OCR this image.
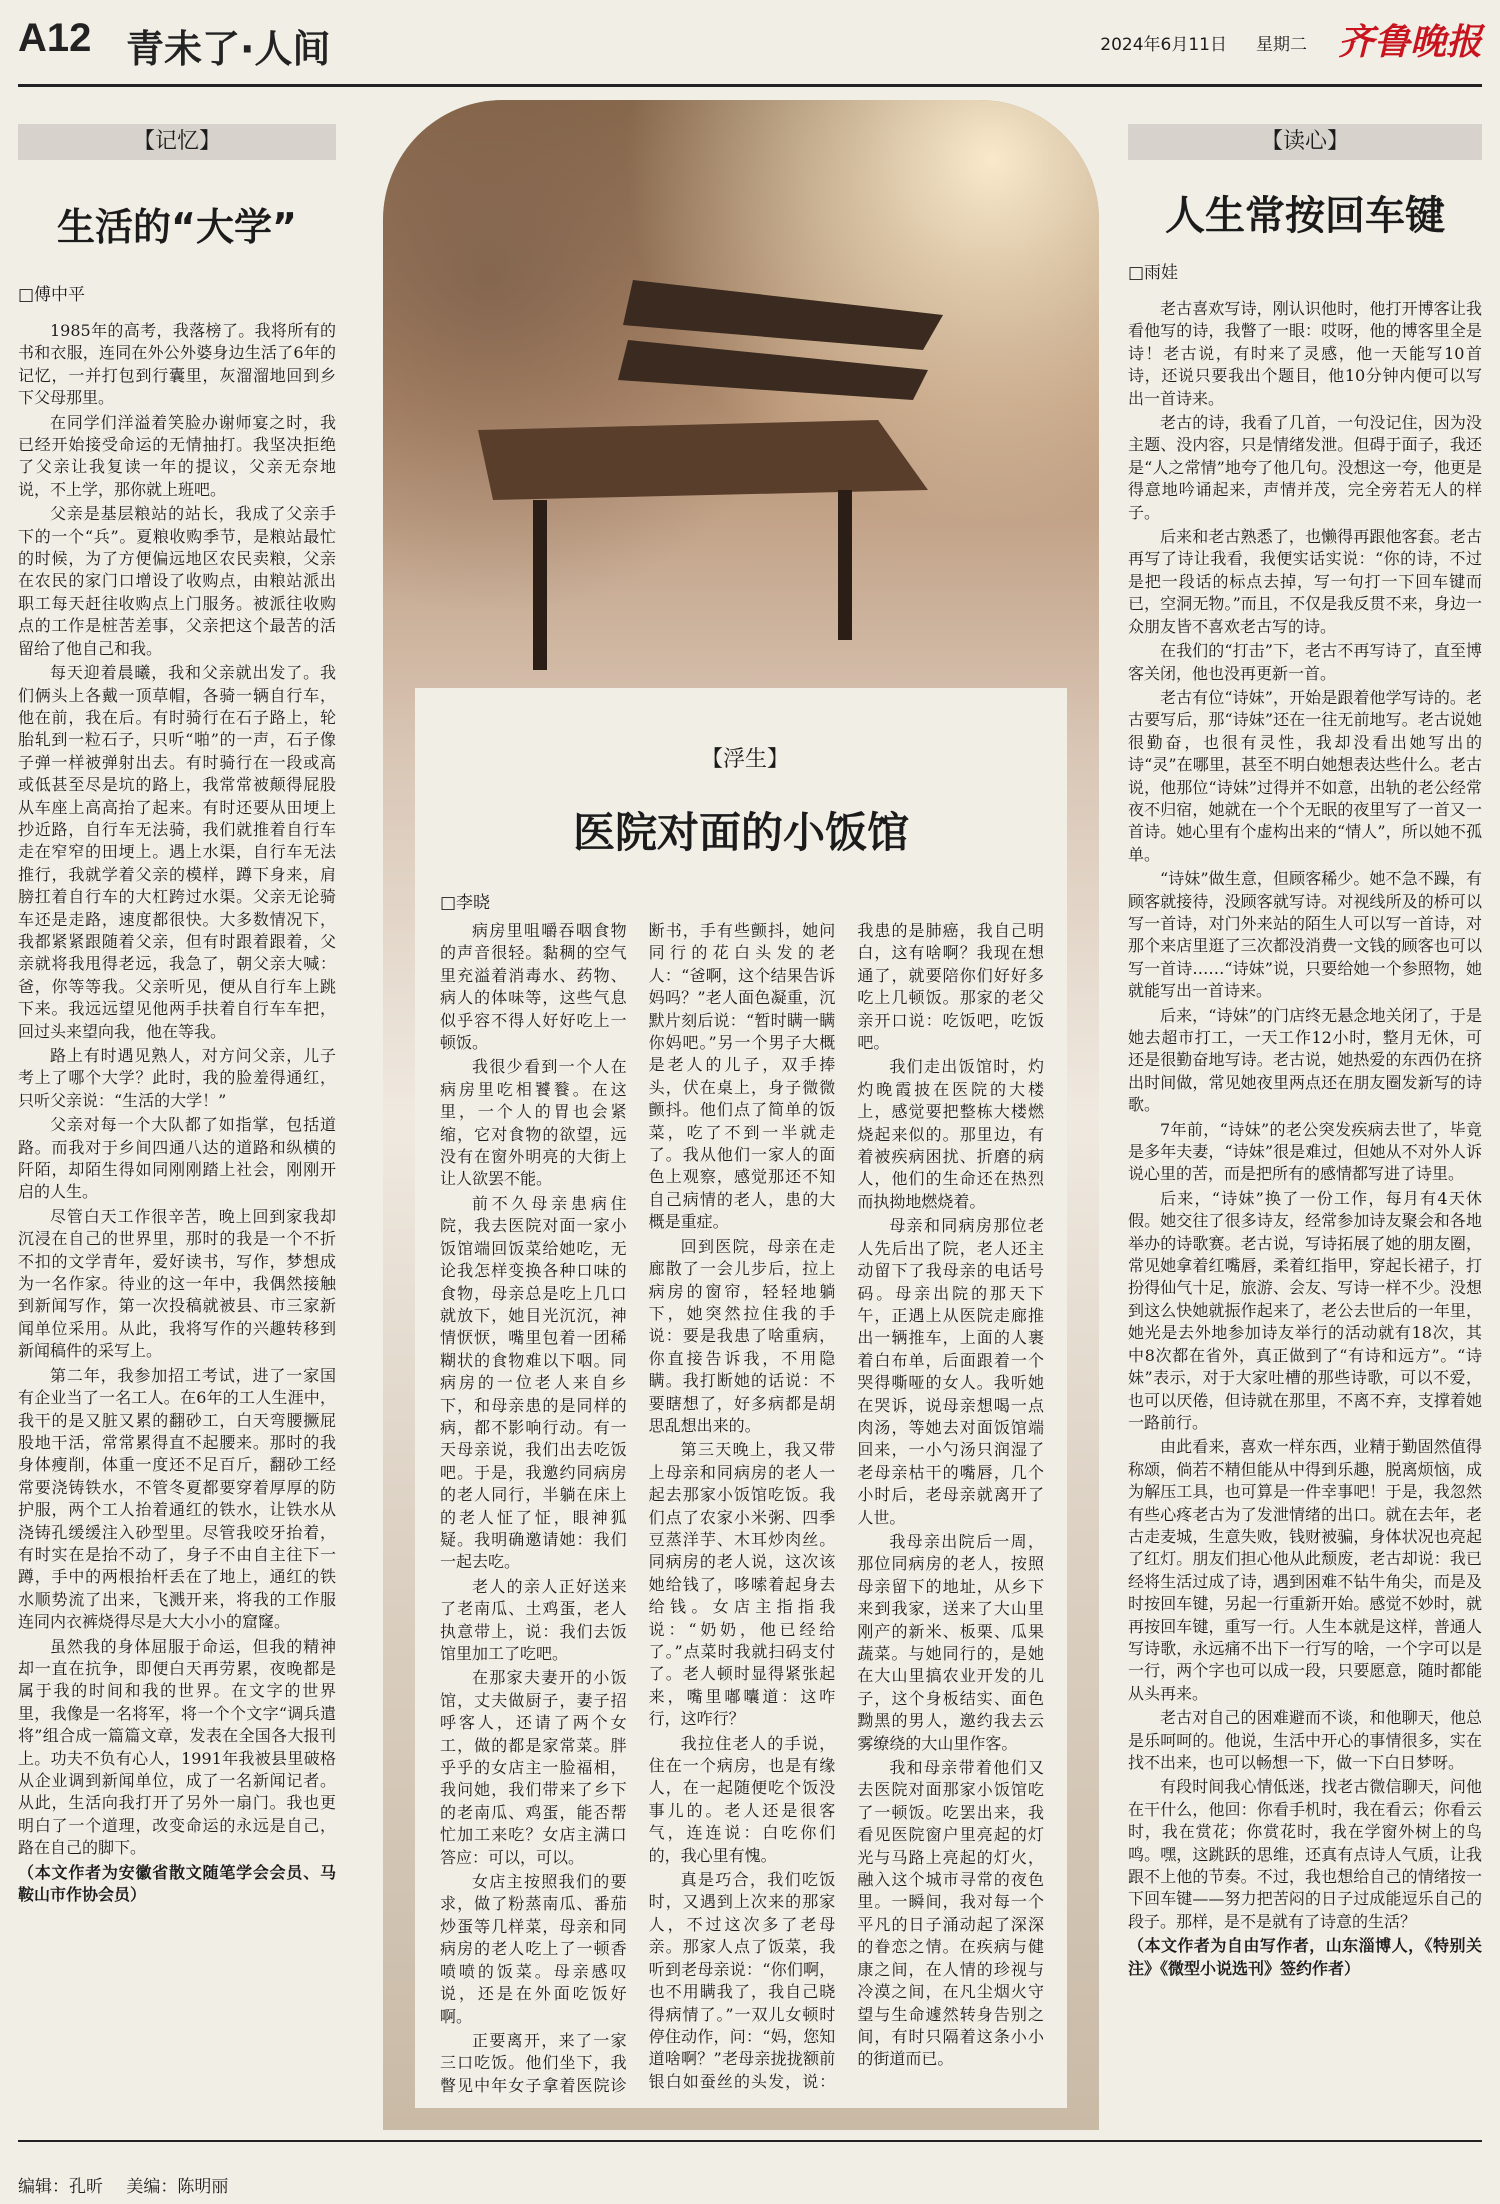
A12 青未了·人间	2024年6月11日 星期二 齐鲁晚报
【记忆】
生活的“大学”
□傅中平

1985年的高考，我落榜了。我将所有的书和衣服，连同在外公外婆身边生活了6年的记忆，一并打包到行囊里，灰溜溜地回到乡下父母那里。

在同学们洋溢着笑脸办谢师宴之时，我已经开始接受命运的无情抽打。我坚决拒绝了父亲让我复读一年的提议，父亲无奈地说，不上学，那你就上班吧。

父亲是基层粮站的站长，我成了父亲手下的一个“兵”。夏粮收购季节，是粮站最忙的时候，为了方便偏远地区农民卖粮，父亲在农民的家门口增设了收购点，由粮站派出职工每天赶往收购点上门服务。被派往收购点的工作是桩苦差事，父亲把这个最苦的活留给了他自己和我。

每天迎着晨曦，我和父亲就出发了。我们俩头上各戴一顶草帽，各骑一辆自行车，他在前，我在后。有时骑行在石子路上，轮胎轧到一粒石子，只听“啪”的一声，石子像子弹一样被弹射出去。有时骑行在一段或高或低甚至尽是坑的路上，我常常被颠得屁股从车座上高高抬了起来。有时还要从田埂上抄近路，自行车无法骑，我们就推着自行车走在窄窄的田埂上。遇上水渠，自行车无法推行，我就学着父亲的模样，蹲下身来，肩膀扛着自行车的大杠跨过水渠。父亲无论骑车还是走路，速度都很快。大多数情况下，我都紧紧跟随着父亲，但有时跟着跟着，父亲就将我甩得老远，我急了，朝父亲大喊：爸，你等等我。父亲听见，便从自行车上跳下来。我远远望见他两手扶着自行车车把，回过头来望向我，他在等我。

路上有时遇见熟人，对方问父亲，儿子考上了哪个大学？此时，我的脸羞得通红，只听父亲说：“生活的大学！”

父亲对每一个大队都了如指掌，包括道路。而我对于乡间四通八达的道路和纵横的阡陌，却陌生得如同刚刚踏上社会，刚刚开启的人生。

尽管白天工作很辛苦，晚上回到家我却沉浸在自己的世界里，那时的我是一个不折不扣的文学青年，爱好读书，写作，梦想成为一名作家。待业的这一年中，我偶然接触到新闻写作，第一次投稿就被县、市三家新闻单位采用。从此，我将写作的兴趣转移到新闻稿件的采写上。

第二年，我参加招工考试，进了一家国有企业当了一名工人。在6年的工人生涯中，我干的是又脏又累的翻砂工，白天弯腰撅屁股地干活，常常累得直不起腰来。那时的我身体瘦削，体重一度还不足百斤，翻砂工经常要浇铸铁水，不管冬夏都要穿着厚厚的防护服，两个工人抬着通红的铁水，让铁水从浇铸孔缓缓注入砂型里。尽管我咬牙抬着，有时实在是抬不动了，身子不由自主往下一蹲，手中的两根抬杆丢在了地上，通红的铁水顺势流了出来，飞溅开来，将我的工作服连同内衣裤烧得尽是大大小小的窟窿。

虽然我的身体屈服于命运，但我的精神却一直在抗争，即便白天再劳累，夜晚都是属于我的时间和我的世界。在文字的世界里，我像是一名将军，将一个个文字“调兵遣将”组合成一篇篇文章，发表在全国各大报刊上。功夫不负有心人，1991年我被县里破格从企业调到新闻单位，成了一名新闻记者。从此，生活向我打开了另外一扇门。我也更明白了一个道理，改变命运的永远是自己，路在自己的脚下。

（本文作者为安徽省散文随笔学会会员、马鞍山市作协会员）

【浮生】
医院对面的小饭馆
□李晓

病房里咀嚼吞咽食物的声音很轻。黏稠的空气里充溢着消毒水、药物、病人的体味等，这些气息似乎容不得人好好吃上一顿饭。

我很少看到一个人在病房里吃相饕餮。在这里，一个人的胃也会紧缩，它对食物的欲望，远没有在窗外明亮的大街上让人欲罢不能。

前不久母亲患病住院，我去医院对面一家小饭馆端回饭菜给她吃，无论我怎样变换各种口味的食物，母亲总是吃上几口就放下，她目光沉沉，神情恹恹，嘴里包着一团稀糊状的食物难以下咽。同病房的一位老人来自乡下，和母亲患的是同样的病，都不影响行动。有一天母亲说，我们出去吃饭吧。于是，我邀约同病房的老人同行，半躺在床上的老人怔了怔，眼神狐疑。我明确邀请她：我们一起去吃。

老人的亲人正好送来了老南瓜、土鸡蛋，老人执意带上，说：我们去饭馆里加工了吃吧。

在那家夫妻开的小饭馆，丈夫做厨子，妻子招呼客人，还请了两个女工，做的都是家常菜。胖乎乎的女店主一脸福相，我问她，我们带来了乡下的老南瓜、鸡蛋，能否帮忙加工来吃？女店主满口答应：可以，可以。

女店主按照我们的要求，做了粉蒸南瓜、番茄炒蛋等几样菜，母亲和同病房的老人吃上了一顿香喷喷的饭菜。母亲感叹说，还是在外面吃饭好啊。

正要离开，来了一家三口吃饭。他们坐下，我瞥见中年女子拿着医院诊断书，手有些颤抖，她问同行的花白头发的老人：“爸啊，这个结果告诉妈吗？”老人面色凝重，沉默片刻后说：“暂时瞒一瞒你妈吧。”另一个男子大概是老人的儿子，双手捧头，伏在桌上，身子微微颤抖。他们点了简单的饭菜，吃了不到一半就走了。我从他们一家人的面色上观察，感觉那还不知自己病情的老人，患的大概是重症。

回到医院，母亲在走廊散了一会儿步后，拉上病房的窗帘，轻轻地躺下，她突然拉住我的手说：要是我患了啥重病，你直接告诉我，不用隐瞒。我打断她的话说：不要瞎想了，好多病都是胡思乱想出来的。

第三天晚上，我又带上母亲和同病房的老人一起去那家小饭馆吃饭。我们点了农家小米粥、四季豆蒸洋芋、木耳炒肉丝。同病房的老人说，这次该她给钱了，哆嗦着起身去给钱。女店主指指我说：“奶奶，他已经给了。”点菜时我就扫码支付了。老人顿时显得紧张起来，嘴里嘟囔道：这咋行，这咋行？

我拉住老人的手说，住在一个病房，也是有缘人，在一起随便吃个饭没事儿的。老人还是很客气，连连说：白吃你们的，我心里有愧。

真是巧合，我们吃饭时，又遇到上次来的那家人，不过这次多了老母亲。那家人点了饭菜，我听到老母亲说：“你们啊，也不用瞒我了，我自己晓得病情了。”一双儿女顿时停住动作，问：“妈，您知道啥啊？”老母亲拢拢额前银白如蚕丝的头发，说：我患的是肺癌，我自己明白，这有啥啊？我现在想通了，就要陪你们好好多吃上几顿饭。那家的老父亲开口说：吃饭吧，吃饭吧。

我们走出饭馆时，灼灼晚霞披在医院的大楼上，感觉要把整栋大楼燃烧起来似的。那里边，有着被疾病困扰、折磨的病人，他们的生命还在热烈而执拗地燃烧着。

母亲和同病房那位老人先后出了院，老人还主动留下了我母亲的电话号码。母亲出院的那天下午，正遇上从医院走廊推出一辆推车，上面的人裹着白布单，后面跟着一个哭得嘶哑的女人。我听她在哭诉，说母亲想喝一点肉汤，等她去对面饭馆端回来，一小勺汤只润湿了老母亲枯干的嘴唇，几个小时后，老母亲就离开了人世。

我母亲出院后一周，那位同病房的老人，按照母亲留下的地址，从乡下来到我家，送来了大山里刚产的新米、板栗、瓜果蔬菜。与她同行的，是她在大山里搞农业开发的儿子，这个身板结实、面色黝黑的男人，邀约我去云雾缭绕的大山里作客。

我和母亲带着他们又去医院对面那家小饭馆吃了一顿饭。吃罢出来，我看见医院窗户里亮起的灯光与马路上亮起的灯火，融入这个城市寻常的夜色里。一瞬间，我对每一个平凡的日子涌动起了深深的眷恋之情。在疾病与健康之间，在人情的珍视与冷漠之间，在凡尘烟火守望与生命遽然转身告别之间，有时只隔着这条小小的街道而已。

【读心】
人生常按回车键
□雨娃

老古喜欢写诗，刚认识他时，他打开博客让我看他写的诗，我瞥了一眼：哎呀，他的博客里全是诗！老古说，有时来了灵感，他一天能写10首诗，还说只要我出个题目，他10分钟内便可以写出一首诗来。

老古的诗，我看了几首，一句没记住，因为没主题、没内容，只是情绪发泄。但碍于面子，我还是“人之常情”地夸了他几句。没想这一夸，他更是得意地吟诵起来，声情并茂，完全旁若无人的样子。

后来和老古熟悉了，也懒得再跟他客套。老古再写了诗让我看，我便实话实说：“你的诗，不过是把一段话的标点去掉，写一句打一下回车键而已，空洞无物。”而且，不仅是我反贯不来，身边一众朋友皆不喜欢老古写的诗。

在我们的“打击”下，老古不再写诗了，直至博客关闭，他也没再更新一首。

老古有位“诗妹”，开始是跟着他学写诗的。老古要写后，那“诗妹”还在一往无前地写。老古说她很勤奋，也很有灵性，我却没看出她写出的诗“灵”在哪里，甚至不明白她想表达些什么。老古说，他那位“诗妹”过得并不如意，出轨的老公经常夜不归宿，她就在一个个无眠的夜里写了一首又一首诗。她心里有个虚构出来的“情人”，所以她不孤单。

“诗妹”做生意，但顾客稀少。她不急不躁，有顾客就接待，没顾客就写诗。对视线所及的桥可以写一首诗，对门外来站的陌生人可以写一首诗，对那个来店里逛了三次都没消费一文钱的顾客也可以写一首诗……“诗妹”说，只要给她一个参照物，她就能写出一首诗来。

后来，“诗妹”的门店终无悬念地关闭了，于是她去超市打工，一天工作12小时，整月无休，可还是很勤奋地写诗。老古说，她热爱的东西仍在挤出时间做，常见她夜里两点还在朋友圈发新写的诗歌。

7年前，“诗妹”的老公突发疾病去世了，毕竟是多年夫妻，“诗妹”很是难过，但她从不对外人诉说心里的苦，而是把所有的感情都写进了诗里。

后来，“诗妹”换了一份工作，每月有4天休假。她交往了很多诗友，经常参加诗友聚会和各地举办的诗歌赛。老古说，写诗拓展了她的朋友圈，常见她拿着红嘴唇，柔着红指甲，穿起长裙子，打扮得仙气十足，旅游、会友、写诗一样不少。没想到这么快她就振作起来了，老公去世后的一年里，她光是去外地参加诗友举行的活动就有18次，其中8次都在省外，真正做到了“有诗和远方”。“诗妹”表示，对于大家吐槽的那些诗歌，可以不爱，也可以厌倦，但诗就在那里，不离不弃，支撑着她一路前行。

由此看来，喜欢一样东西，业精于勤固然值得称颂，倘若不精但能从中得到乐趣，脱离烦恼，成为解压工具，也可算是一件幸事吧！于是，我忽然有些心疼老古为了发泄情绪的出口。就在去年，老古走麦城，生意失败，钱财被骗，身体状况也亮起了红灯。朋友们担心他从此颓废，老古却说：我已经将生活过成了诗，遇到困难不钻牛角尖，而是及时按回车键，另起一行重新开始。感觉不妙时，就再按回车键，重写一行。人生本就是这样，普通人写诗歌，永远痛不出下一行写的啥，一个字可以是一行，两个字也可以成一段，只要愿意，随时都能从头再来。

老古对自己的困难避而不谈，和他聊天，他总是乐呵呵的。他说，生活中开心的事情很多，实在找不出来，也可以畅想一下，做一下白日梦呀。

有段时间我心情低迷，找老古微信聊天，问他在干什么，他回：你看手机时，我在看云；你看云时，我在赏花；你赏花时，我在学窗外树上的鸟鸣。嘿，这跳跃的思维，还真有点诗人气质，让我跟不上他的节奏。不过，我也想给自己的情绪按一下回车键——努力把苦闷的日子过成能逗乐自己的段子。那样，是不是就有了诗意的生活？

（本文作者为自由写作者，山东淄博人，《特别关注》《微型小说选刊》签约作者）

编辑：孔昕 美编：陈明丽
